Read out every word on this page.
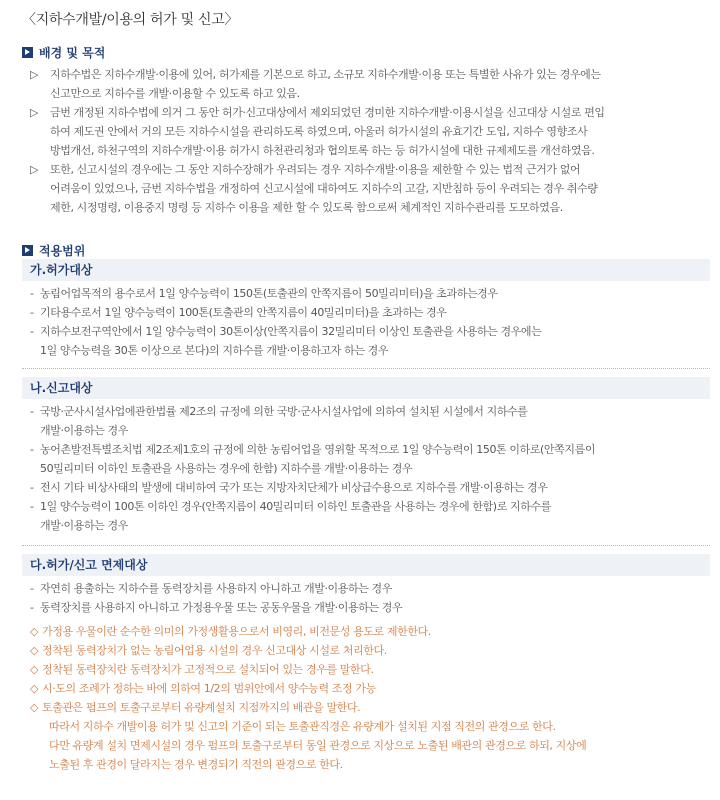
〈지하수개발/이용의 허가 및 신고〉
배경 및 목적
▷ 지하수법은 지하수개발·이용에 있어, 허가제를 기본으로 하고, 소규모 지하수개발·이용 또는 특별한 사유가 있는 경우에는
신고만으로 지하수를 개발·이용할 수 있도록 하고 있음.
▷ 금번 개정된 지하수법에 의거 그 동안 허가·신고대상에서 제외되었던 경미한 지하수개발·이용시설을 신고대상 시설로 편입
하여 제도권 안에서 거의 모든 지하수시설을 관리하도록 하였으며, 아울러 허가시설의 유효기간 도입, 지하수 영향조사
방법개선, 하천구역의 지하수개발·이용 허가시 하천관리청과 협의토록 하는 등 허가시설에 대한 규제제도를 개선하였음.
▷ 또한, 신고시설의 경우에는 그 동안 지하수장해가 우려되는 경우 지하수개발·이용을 제한할 수 있는 법적 근거가 없어
어려움이 있었으나, 금번 지하수법을 개정하여 신고시설에 대하여도 지하수의 고갈, 지반침하 등이 우려되는 경우 취수량
제한, 시정명령, 이용중지 명령 등 지하수 이용을 제한 할 수 있도록 함으로써 체계적인 지하수관리를 도모하였음.
적용범위
가.허가대상
- 농림어업목적의 용수로서 1일 양수능력이 150톤(토출관의 안쪽지름이 50밀리미터)을 초과하는경우
- 기타용수로서 1일 양수능력이 100톤(토출관의 안쪽지름이 40밀리미터)을 초과하는 경우
- 지하수보전구역안에서 1일 양수능력이 30톤이상(안쪽지름이 32밀리미터 이상인 토출관을 사용하는 경우에는
1일 양수능력을 30톤 이상으로 본다)의 지하수를 개발·이용하고자 하는 경우
나.신고대상
- 국방·군사시설사업에관한법률 제2조의 규정에 의한 국방·군사시설사업에 의하여 설치된 시설에서 지하수를
개발·이용하는 경우
- 농어촌발전특별조치법 제2조제1호의 규정에 의한 농림어업을 영위할 목적으로 1일 양수능력이 150톤 이하로(안쪽지름이
50밀리미터 이하인 토출관을 사용하는 경우에 한함) 지하수를 개발·이용하는 경우
- 전시 기타 비상사태의 발생에 대비하여 국가 또는 지방자치단체가 비상급수용으로 지하수를 개발·이용하는 경우
- 1일 양수능력이 100톤 이하인 경우(안쪽지름이 40밀리미터 이하인 토출관을 사용하는 경우에 한함)로 지하수를
개발·이용하는 경우
다.허가/신고 면제대상
- 자연히 용출하는 지하수를 동력장치를 사용하지 아니하고 개발·이용하는 경우
- 동력장치를 사용하지 아니하고 가정용우물 또는 공동우물을 개발·이용하는 경우
◇ 가정용 우물이란 순수한 의미의 가정생활용으로서 비영리, 비전문성 용도로 제한한다.
◇ 정착된 동력장치가 없는 농림어업용 시설의 경우 신고대상 시설로 처리한다.
◇ 정착된 동력장치란 동력장치가 고정적으로 설치되어 있는 경우를 말한다.
◇ 시·도의 조례가 정하는 바에 의하여 1/2의 범위안에서 양수능력 조정 가능
◇ 토출관은 펌프의 토출구로부터 유량계설치 지점까지의 배관을 말한다.
따라서 지하수 개발이용 허가 및 신고의 기준이 되는 토출관직경은 유량계가 설치된 지점 직전의 관경으로 한다.
다만 유량계 설치 면제시설의 경우 펌프의 토출구로부터 동일 관경으로 지상으로 노출된 배관의 관경으로 하되, 지상에
노출된 후 관경이 달라지는 경우 변경되기 직전의 관경으로 한다.
